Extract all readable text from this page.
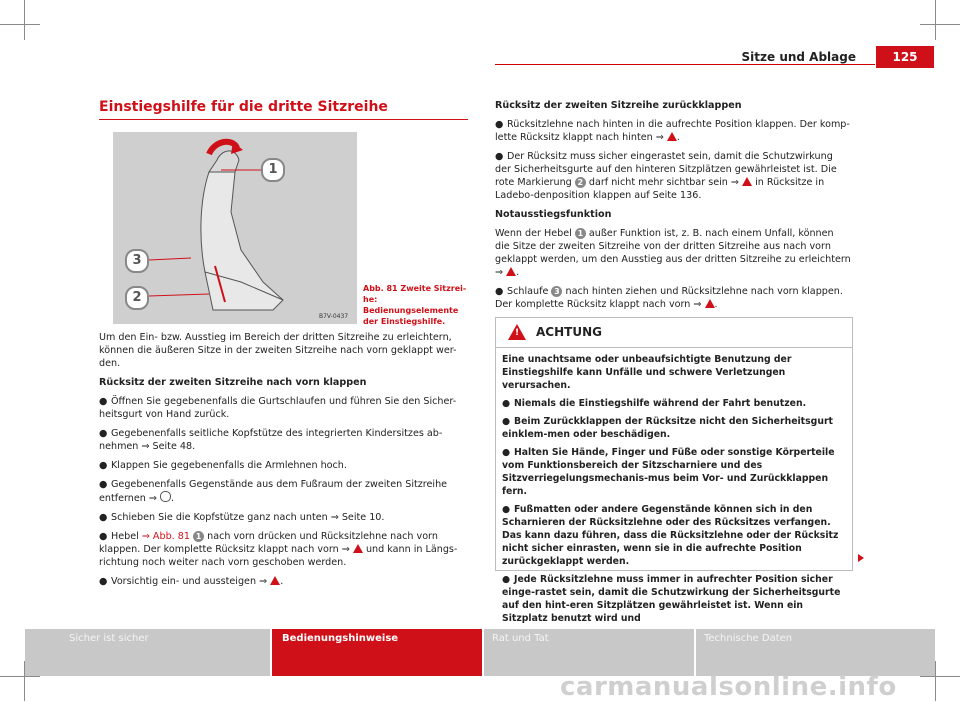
Sitze und Ablage	125
Einstiegshilfe für die dritte Sitzreihe
1
3
2
B7V-0437
Abb. 81 Zweite Sitzrei-he: Bedienungselemente der Einstiegshilfe.

Um den Ein- bzw. Ausstieg im Bereich der dritten Sitzreihe zu erleichtern, können die äußeren Sitze in der zweiten Sitzreihe nach vorn geklappt wer-den.

Rücksitz der zweiten Sitzreihe nach vorn klappen

● Öffnen Sie gegebenenfalls die Gurtschlaufen und führen Sie den Sicher-heitsgurt von Hand zurück.

● Gegebenenfalls seitliche Kopfstütze des integrierten Kindersitzes ab-nehmen ⇒ Seite 48.

● Klappen Sie gegebenenfalls die Armlehnen hoch.

● Gegebenenfalls Gegenstände aus dem Fußraum der zweiten Sitzreihe entfernen ⇒ .

● Schieben Sie die Kopfstütze ganz nach unten ⇒ Seite 10.

● Hebel ⇒ Abb. 81 1 nach vorn drücken und Rücksitzlehne nach vorn klappen. Der komplette Rücksitz klappt nach vorn ⇒ und kann in Längs-richtung noch weiter nach vorn geschoben werden.

● Vorsichtig ein- und aussteigen ⇒ .

Rücksitz der zweiten Sitzreihe zurückklappen

● Rücksitzlehne nach hinten in die aufrechte Position klappen. Der komp-lette Rücksitz klappt nach hinten ⇒ .

● Der Rücksitz muss sicher eingerastet sein, damit die Schutzwirkung der Sicherheitsgurte auf den hinteren Sitzplätzen gewährleistet ist. Die rote Markierung 2 darf nicht mehr sichtbar sein ⇒ in Rücksitze in Ladebo-denposition klappen auf Seite 136.

Notausstiegsfunktion

Wenn der Hebel 1 außer Funktion ist, z. B. nach einem Unfall, können die Sitze der zweiten Sitzreihe von der dritten Sitzreihe aus nach vorn geklappt werden, um den Ausstieg aus der dritten Sitzreihe zu erleichtern ⇒ .

● Schlaufe 3 nach hinten ziehen und Rücksitzlehne nach vorn klappen. Der komplette Rücksitz klappt nach vorn ⇒ .

! ACHTUNG

Eine unachtsame oder unbeaufsichtigte Benutzung der Einstiegshilfe kann Unfälle und schwere Verletzungen verursachen.

● Niemals die Einstiegshilfe während der Fahrt benutzen.

● Beim Zurückklappen der Rücksitze nicht den Sicherheitsgurt einklem-men oder beschädigen.

● Halten Sie Hände, Finger und Füße oder sonstige Körperteile vom Funktionsbereich der Sitzscharniere und des Sitzverriegelungsmechanis-mus beim Vor- und Zurückklappen fern.

● Fußmatten oder andere Gegenstände können sich in den Scharnieren der Rücksitzlehne oder des Rücksitzes verfangen. Das kann dazu führen, dass die Rücksitzlehne oder der Rücksitz nicht sicher einrasten, wenn sie in die aufrechte Position zurückgeklappt werden.

● Jede Rücksitzlehne muss immer in aufrechter Position sicher einge-rastet sein, damit die Schutzwirkung der Sicherheitsgurte auf den hint-eren Sitzplätzen gewährleistet ist. Wenn ein Sitzplatz benutzt wird und

Sicher ist sicher	Bedienungshinweise	Rat und Tat	Technische Daten
carmanualsonline.info
